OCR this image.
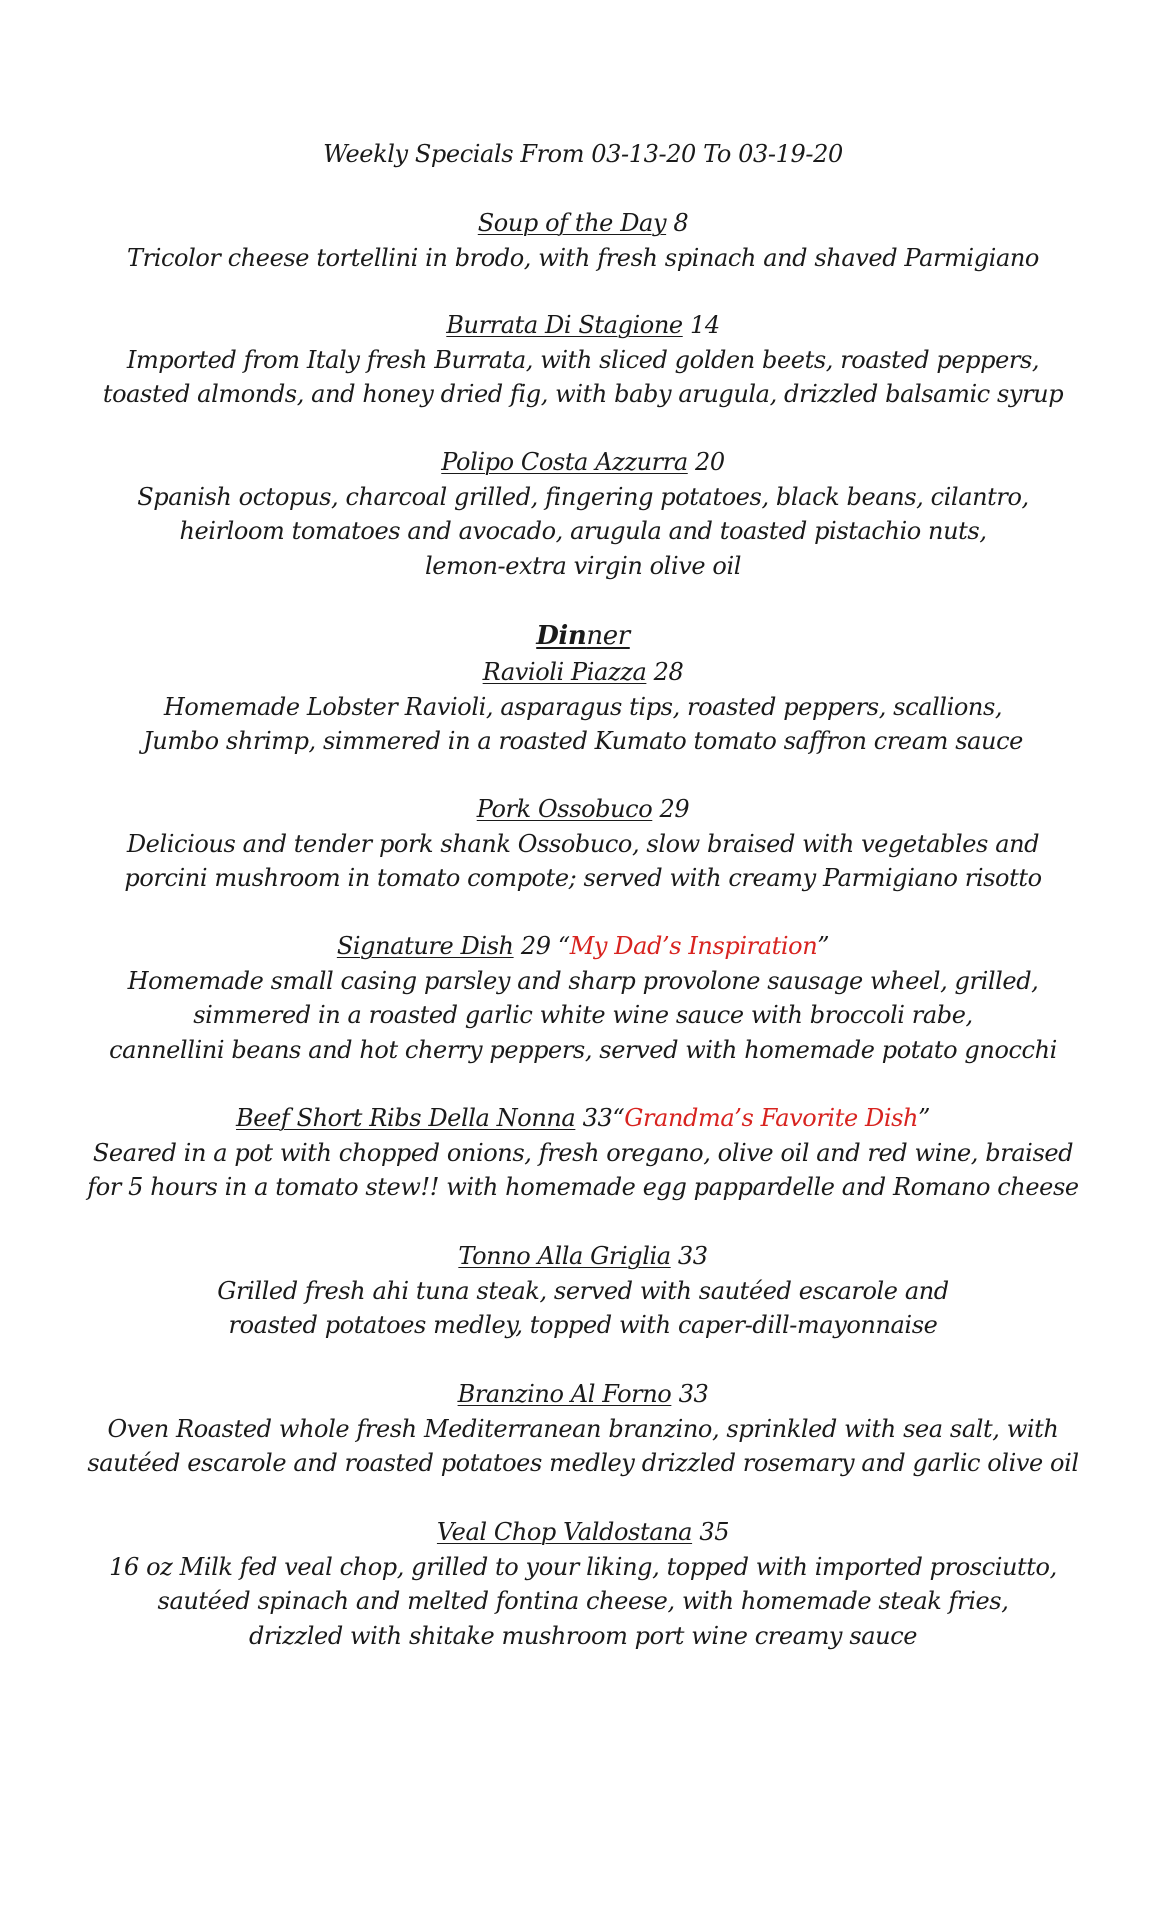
Weekly Specials From 03-13-20 To 03-19-20
Soup of the Day 8
Tricolor cheese tortellini in brodo, with fresh spinach and shaved Parmigiano
Burrata Di Stagione 14
Imported from Italy fresh Burrata, with sliced golden beets, roasted peppers,
toasted almonds, and honey dried fig, with baby arugula, drizzled balsamic syrup
Polipo Costa Azzurra 20
Spanish octopus, charcoal grilled, fingering potatoes, black beans, cilantro,
heirloom tomatoes and avocado, arugula and toasted pistachio nuts,
lemon-extra virgin olive oil
Dinner
Ravioli Piazza 28
Homemade Lobster Ravioli, asparagus tips, roasted peppers, scallions,
Jumbo shrimp, simmered in a roasted Kumato tomato saffron cream sauce
Pork Ossobuco 29
Delicious and tender pork shank Ossobuco, slow braised with vegetables and
porcini mushroom in tomato compote; served with creamy Parmigiano risotto
Signature Dish 29 “My Dad’s Inspiration”
Homemade small casing parsley and sharp provolone sausage wheel, grilled,
simmered in a roasted garlic white wine sauce with broccoli rabe,
cannellini beans and hot cherry peppers, served with homemade potato gnocchi
Beef Short Ribs Della Nonna 33“Grandma’s Favorite Dish”
Seared in a pot with chopped onions, fresh oregano, olive oil and red wine, braised
for 5 hours in a tomato stew!! with homemade egg pappardelle and Romano cheese
Tonno Alla Griglia 33
Grilled fresh ahi tuna steak, served with sautéed escarole and
roasted potatoes medley, topped with caper-dill-mayonnaise
Branzino Al Forno 33
Oven Roasted whole fresh Mediterranean branzino, sprinkled with sea salt, with
sautéed escarole and roasted potatoes medley drizzled rosemary and garlic olive oil
Veal Chop Valdostana 35
16 oz Milk fed veal chop, grilled to your liking, topped with imported prosciutto,
sautéed spinach and melted fontina cheese, with homemade steak fries,
drizzled with shitake mushroom port wine creamy sauce
